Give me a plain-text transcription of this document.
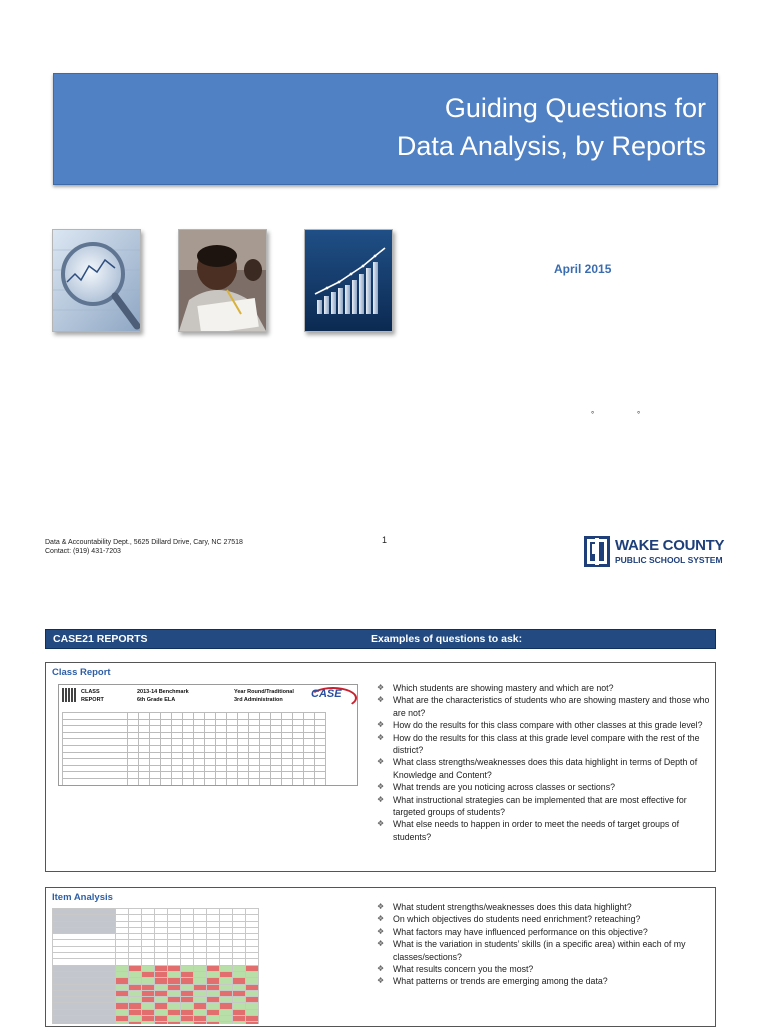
Guiding Questions for
Data Analysis, by Reports
April 2015
°	°
Data & Accountability Dept., 5625 Dillard Drive, Cary, NC 27518
Contact: (919) 431-7203
1	WAKE COUNTY
PUBLIC SCHOOL SYSTEM
CASE21 REPORTS	Examples of questions to ask:
Class Report
CLASS
REPORT
2013-14 Benchmark
6th Grade ELA
Year Round/Traditional
3rd Administration	CASE

❖ Which students are showing mastery and which are not?
❖ What are the characteristics of students who are showing mastery and those who are not?
❖ How do the results for this class compare with other classes at this grade level?
❖ How do the results for this class at this grade level compare with the rest of the district?
❖ What class strengths/weaknesses does this data highlight in terms of Depth of Knowledge and Content?
❖ What trends are you noticing across classes or sections?
❖ What instructional strategies can be implemented that are most effective for targeted groups of students?
❖ What else needs to happen in order to meet the needs of target groups of students?
Item Analysis

❖ What student strengths/weaknesses does this data highlight?
❖ On which objectives do students need enrichment? reteaching?
❖ What factors may have influenced performance on this objective?
❖ What is the variation in students’ skills (in a specific area) within each of my classes/sections?
❖ What results concern you the most?
❖ What patterns or trends are emerging among the data?
